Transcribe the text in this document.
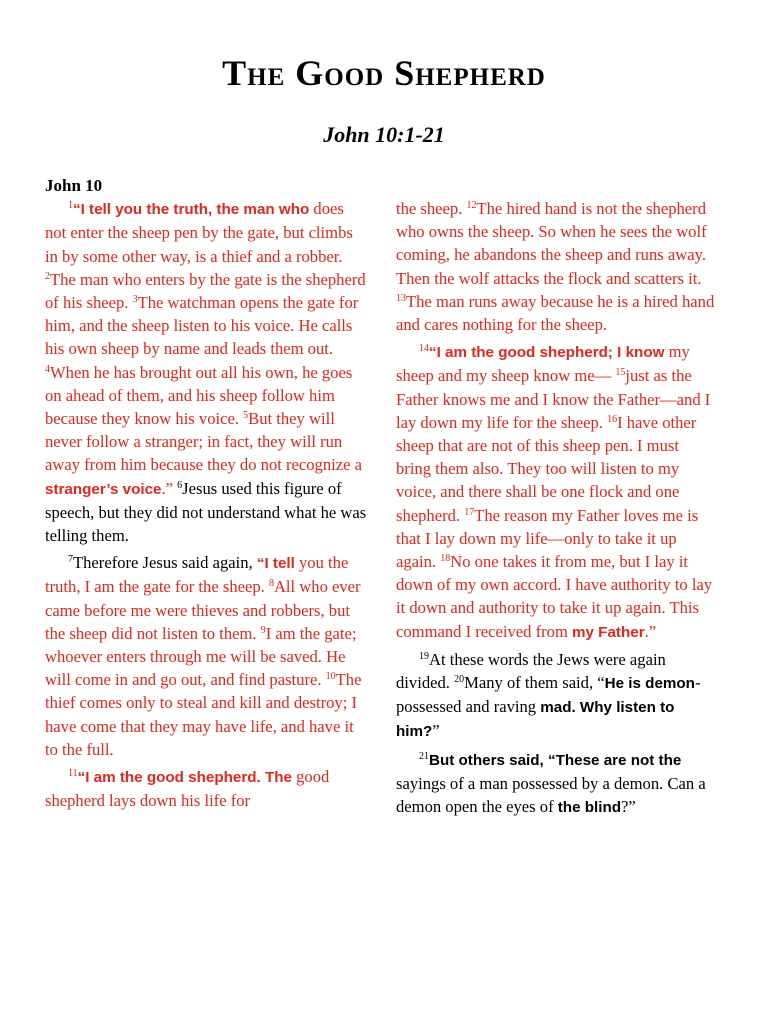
The Good Shepherd
John 10:1-21
John 10

$^1$“I tell you the truth, the man who does not enter the sheep pen by the gate, but climbs in by some other way, is a thief and a robber. $^2$The man who enters by the gate is the shepherd of his sheep. $^3$The watchman opens the gate for him, and the sheep listen to his voice. He calls his own sheep by name and leads them out. $^4$When he has brought out all his own, he goes on ahead of them, and his sheep follow him because they know his voice. $^5$But they will never follow a stranger; in fact, they will run away from him because they do not recognize a stranger’s voice.” $^6$Jesus used this figure of speech, but they did not understand what he was telling them.

$^7$Therefore Jesus said again, “I tell you the truth, I am the gate for the sheep. $^8$All who ever came before me were thieves and robbers, but the sheep did not listen to them. $^9$I am the gate; whoever enters through me will be saved. He will come in and go out, and find pasture. $^{10}$The thief comes only to steal and kill and destroy; I have come that they may have life, and have it to the full.

$^{11}$“I am the good shepherd. The good shepherd lays down his life for

the sheep. $^{12}$The hired hand is not the shepherd who owns the sheep. So when he sees the wolf coming, he abandons the sheep and runs away. Then the wolf attacks the flock and scatters it. $^{13}$The man runs away because he is a hired hand and cares nothing for the sheep.

$^{14}$“I am the good shepherd; I know my sheep and my sheep know me— $^{15}$just as the Father knows me and I know the Father—and I lay down my life for the sheep. $^{16}$I have other sheep that are not of this sheep pen. I must bring them also. They too will listen to my voice, and there shall be one flock and one shepherd. $^{17}$The reason my Father loves me is that I lay down my life—only to take it up again. $^{18}$No one takes it from me, but I lay it down of my own accord. I have authority to lay it down and authority to take it up again. This command I received from my Father.”

$^{19}$At these words the Jews were again divided. $^{20}$Many of them said, “He is demon-possessed and raving mad. Why listen to him?”

$^{21}$But others said, “These are not the sayings of a man possessed by a demon. Can a demon open the eyes of the blind?”
